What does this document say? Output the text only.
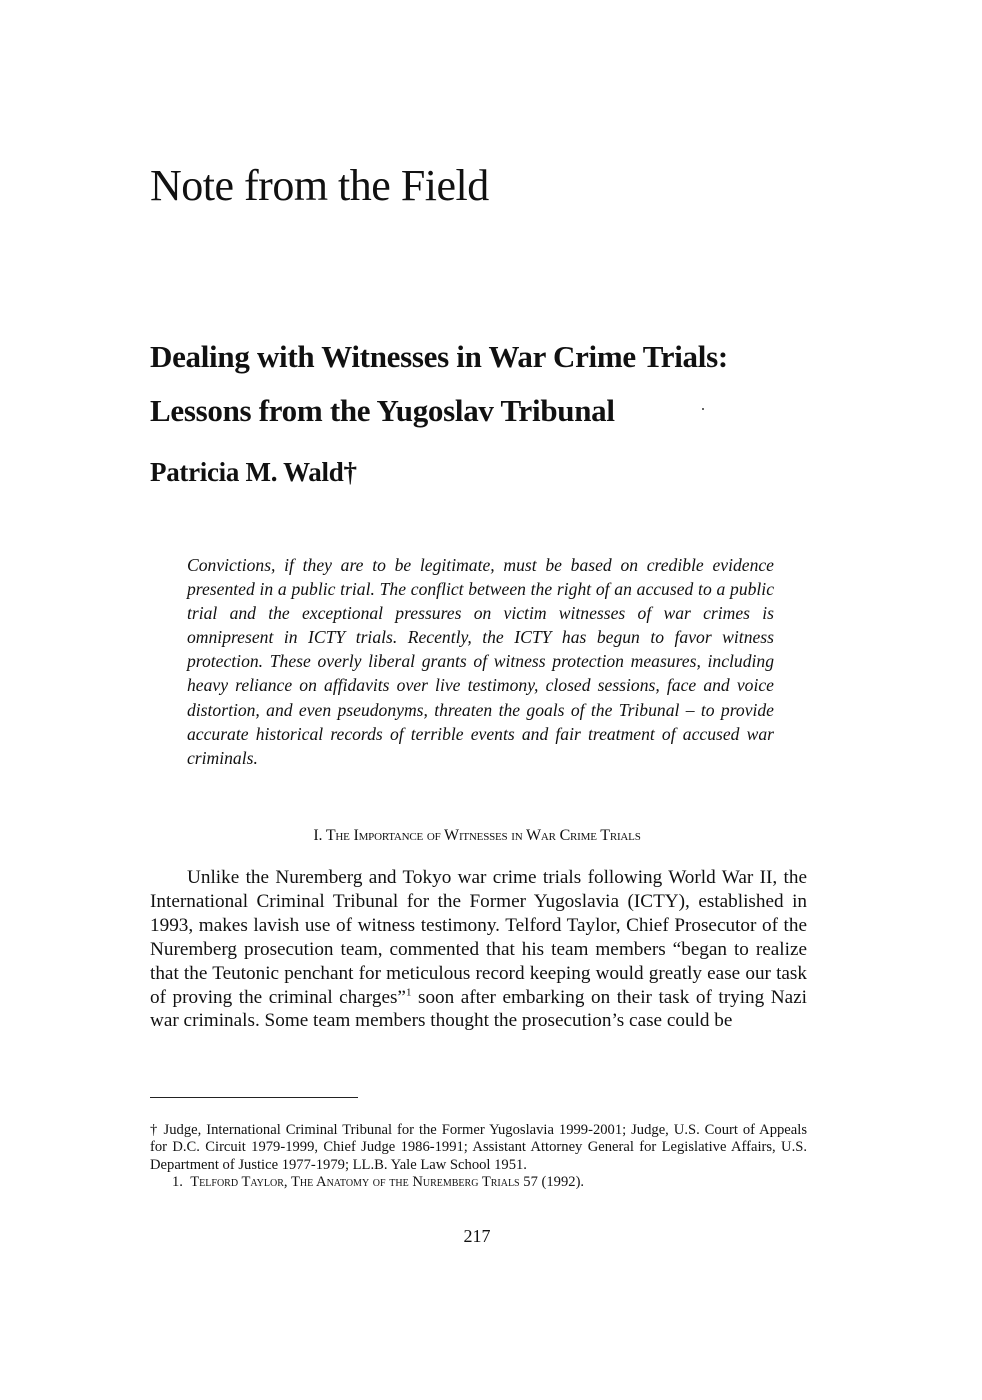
Note from the Field
Dealing with Witnesses in War Crime Trials:
Lessons from the Yugoslav Tribunal
Patricia M. Wald†

Convictions, if they are to be legitimate, must be based on credible evidence presented in a public trial. The conflict between the right of an accused to a public trial and the exceptional pressures on victim witnesses of war crimes is omnipresent in ICTY trials. Recently, the ICTY has begun to favor witness protection. These overly liberal grants of witness protection measures, including heavy reliance on affidavits over live testimony, closed sessions, face and voice distortion, and even pseudonyms, threaten the goals of the Tribunal – to provide accurate historical records of terrible events and fair treatment of accused war criminals.

I. The Importance of Witnesses in War Crime Trials

Unlike the Nuremberg and Tokyo war crime trials following World War II, the International Criminal Tribunal for the Former Yugoslavia (ICTY), established in 1993, makes lavish use of witness testimony. Telford Taylor, Chief Prosecutor of the Nuremberg prosecution team, commented that his team members “began to realize that the Teutonic penchant for meticulous record keeping would greatly ease our task of proving the criminal charges”$^1$ soon after embarking on their task of trying Nazi war criminals. Some team members thought the prosecution’s case could be

† Judge, International Criminal Tribunal for the Former Yugoslavia 1999-2001; Judge, U.S. Court of Appeals for D.C. Circuit 1979-1999, Chief Judge 1986-1991; Assistant Attorney General for Legislative Affairs, U.S. Department of Justice 1977-1979; LL.B. Yale Law School 1951.

1. Telford Taylor, The Anatomy of the Nuremberg Trials 57 (1992).

217
